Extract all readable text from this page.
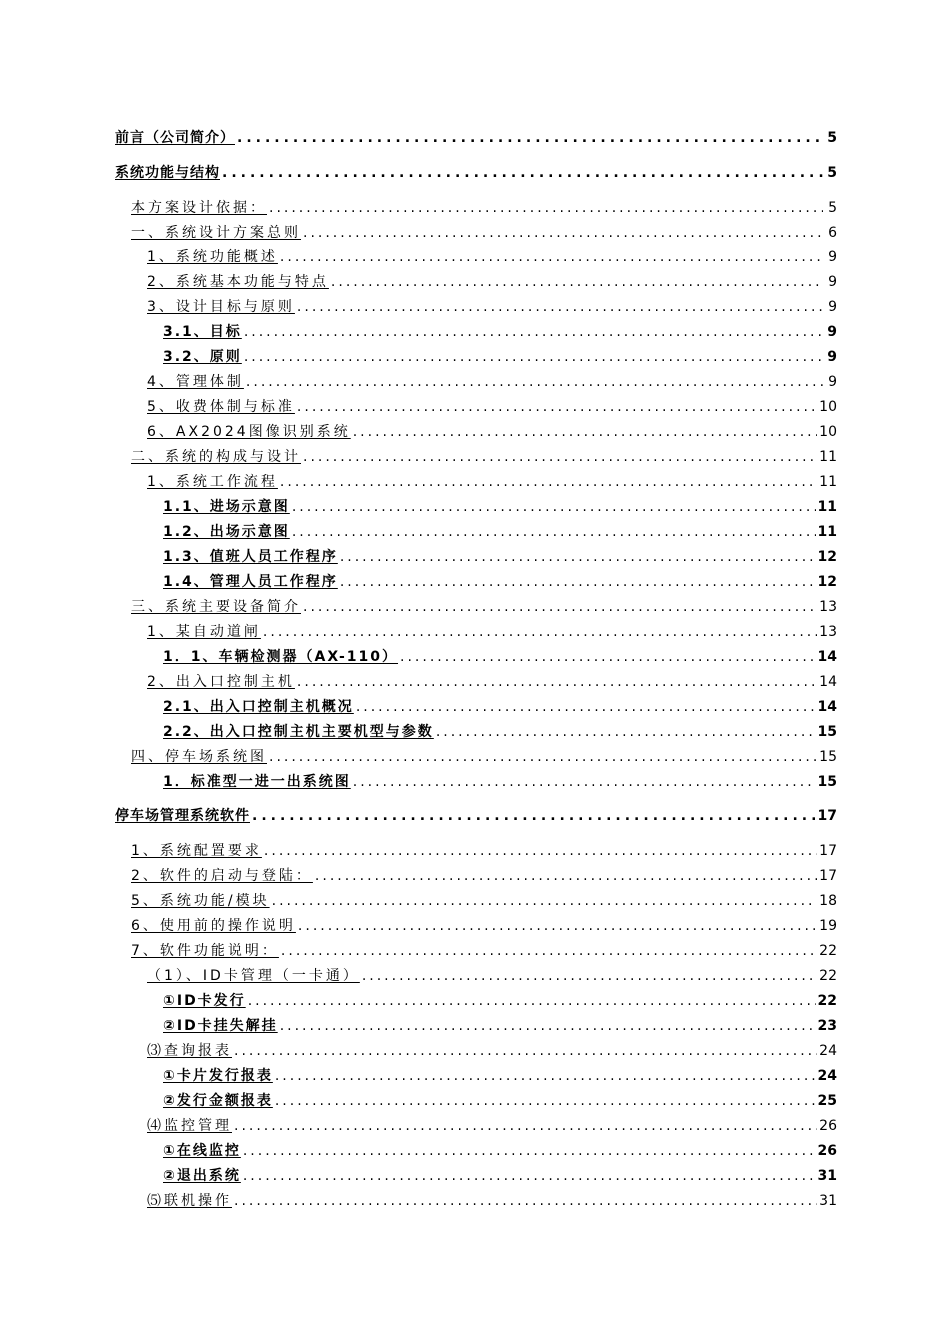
前言（公司简介） .....	5
系统功能与结构 .....	5
本方案设计依据： .....	5
一、系统设计方案总则 .....	6
1、系统功能概述 .....	9
2、系统基本功能与特点 .....	9
3、设计目标与原则 .....	9
3.1、目标 .....	9
3.2、原则 .....	9
4、管理体制 .....	9
5、收费体制与标准 .....	10
6、AX2024图像识别系统 .....	10
二、系统的构成与设计 .....	11
1、系统工作流程 .....	11
1.1、进场示意图 .....	11
1.2、出场示意图 .....	11
1.3、值班人员工作程序 .....	12
1.4、管理人员工作程序 .....	12
三、系统主要设备简介 .....	13
1、某自动道闸 .....	13
1．1、车辆检测器（AX-110） .....	14
2、出入口控制主机 .....	14
2.1、出入口控制主机概况 .....	14
2.2、出入口控制主机主要机型与参数 .....	15
四、停车场系统图 .....	15
1．标准型一进一出系统图 .....	15
停车场管理系统软件 .....	17
1、系统配置要求 .....	17
2、软件的启动与登陆： .....	17
5、系统功能/模块 .....	18
6、使用前的操作说明 .....	19
7、软件功能说明： .....	22
（1）、ID卡管理（一卡通） .....	22
①ID卡发行 .....	22
②ID卡挂失解挂 .....	23
⑶查询报表 .....	24
①卡片发行报表 .....	24
②发行金额报表 .....	25
⑷监控管理 .....	26
①在线监控 .....	26
②退出系统 .....	31
⑸联机操作 .....	31
